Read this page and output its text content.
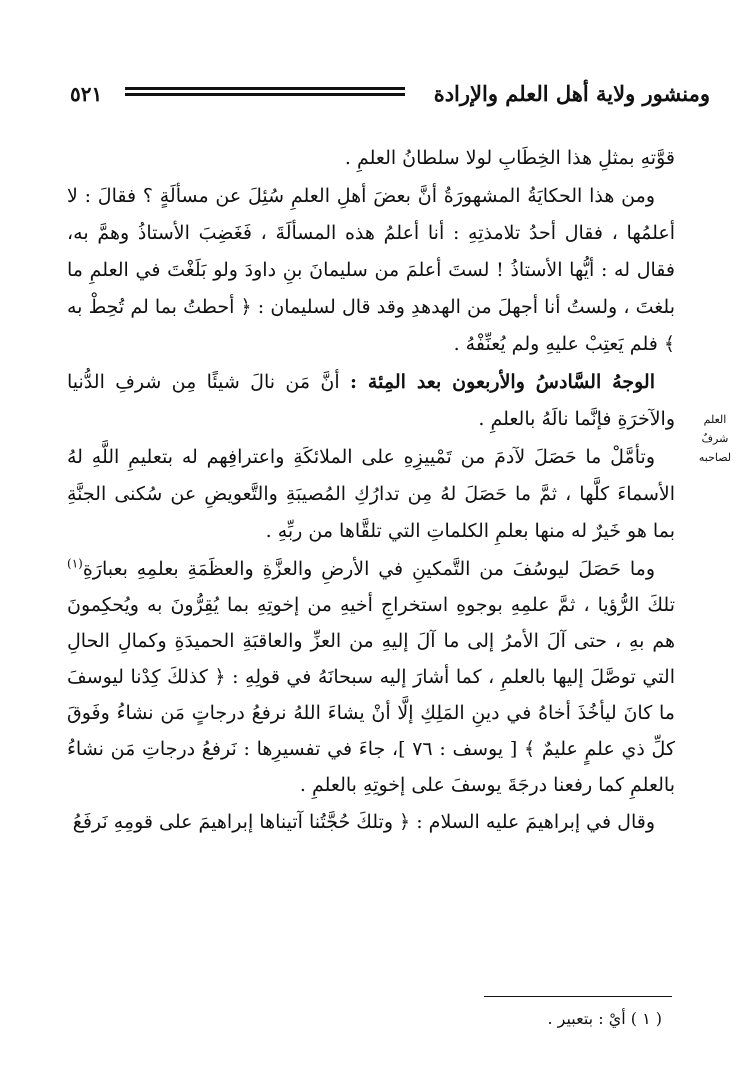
ومنشور ولاية أهل العلم والإرادة
٥٢١
العلم
شرفٌ
لصاحبه

قوَّتهِ بمثلِ هذا الخِطَابِ لولا سلطانُ العلمِ .

ومن هذا الحكايَةُ المشهورَةُ أنَّ بعضَ أهلِ العلمِ سُئِلَ عن مسألَةٍ ؟ فقالَ : لا أعلمُها ، فقال أحدُ تلامذتِهِ : أنا أعلمُ هذه المسألَةَ ، فَغَضِبَ الأستاذُ وهمَّ به، فقال له : أيُّها الأستاذُ ! لستَ أعلمَ من سليمانَ بنِ داودَ ولو بَلَغْتَ في العلمِ ما بلغتَ ، ولستُ أنا أجهلَ من الهدهدِ وقد قال لسليمان : ﴿ أحطتُ بما لم تُحِطْ به ﴾ فلم يَعتِبْ عليهِ ولم يُعنِّفْهُ .

الوجهُ السَّادسُ والأربعون بعد المِئة : أنَّ مَن نالَ شيئًا مِن شرفِ الدُّنيا والآخرَةِ فإنَّما نالَهُ بالعلمِ .

وتأمَّلْ ما حَصَلَ لآدمَ من تَمْييزِهِ على الملائكَةِ واعترافِهم له بتعليمِ اللَّهِ لهُ الأسماءَ كلَّها ، ثمَّ ما حَصَلَ لهُ مِن تدارُكِ المُصيبَةِ والتَّعويضِ عن سُكنى الجنَّةِ بما هو خَيرٌ له منها بعلمِ الكلماتِ التي تلقَّاها من ربِّهِ .

وما حَصَلَ ليوسُفَ من التَّمكينِ في الأرضِ والعزَّةِ والعظَمَةِ بعلمِهِ بعبارَةِ$^{(١)}$ تلكَ الرُّؤيا ، ثمَّ علمِهِ بوجوهِ استخراجِ أخيهِ من إخوتِهِ بما يُقِرُّونَ به ويُحكِمونَ هم بهِ ، حتى آلَ الأمرُ إلى ما آلَ إليهِ من العزِّ والعاقبَةِ الحميدَةِ وكمالِ الحالِ التي توصَّلَ إليها بالعلمِ ، كما أشارَ إليه سبحانَهُ في قولِهِ : ﴿ كذلكَ كِدْنا ليوسفَ ما كانَ ليأخُذَ أخاهُ في دينِ المَلِكِ إلَّا أنْ يشاءَ اللهُ نرفعُ درجاتٍ مَن نشاءُ وفَوقَ كلِّ ذي علمٍ عليمٌ ﴾ [ يوسف : ٧٦ ]، جاءَ في تفسيرِها : نَرفعُ درجاتِ مَن نشاءُ بالعلمِ كما رفعنا درجَةَ يوسفَ على إخوتِهِ بالعلمِ .

وقال في إبراهيمَ عليه السلام : ﴿ وتلكَ حُجَّتُنا آتيناها إبراهيمَ على قومِهِ نَرفَعُ

( ١ ) أيْ : بتعبير .
